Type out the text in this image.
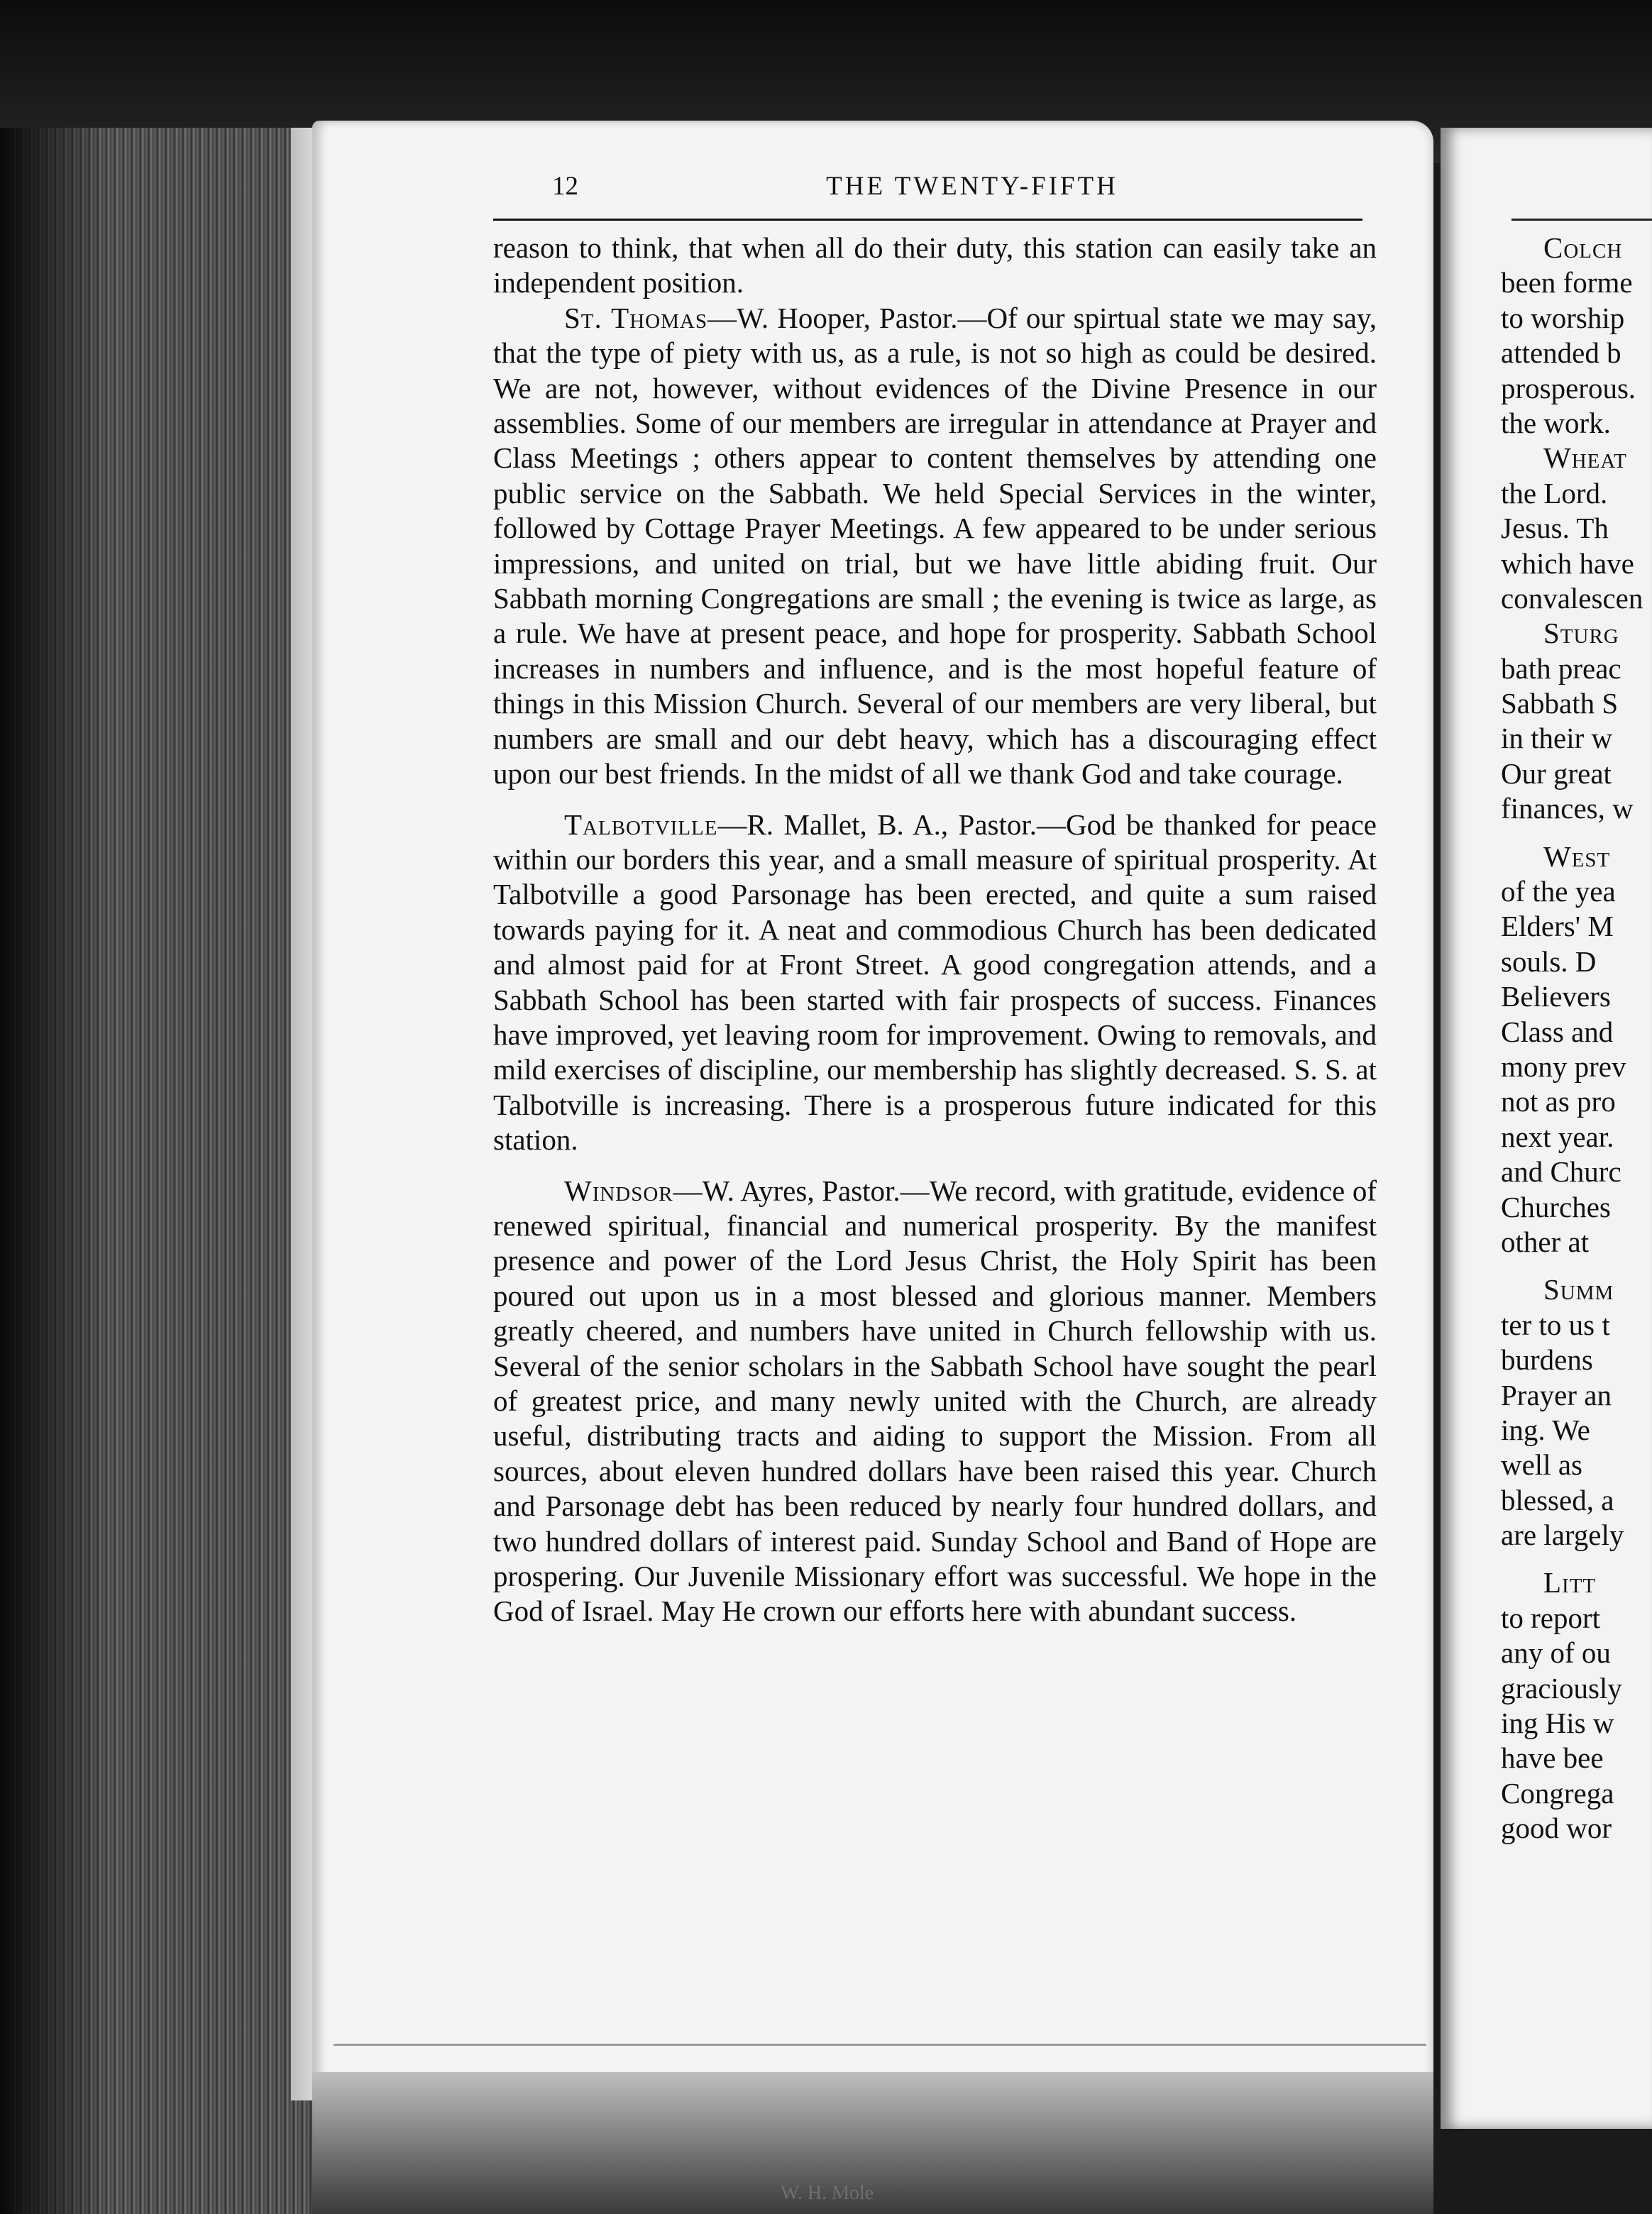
12	THE TWENTY-FIFTH

reason to think, that when all do their duty, this station can easily take an independent position.

St. Thomas—W. Hooper, Pastor.—Of our spirtual state we may say, that the type of piety with us, as a rule, is not so high as could be desired. We are not, however, without evidences of the Divine Presence in our assemblies. Some of our members are irregular in attendance at Prayer and Class Meetings ; others appear to content themselves by attending one public service on the Sabbath. We held Special Services in the winter, followed by Cottage Prayer Meetings. A few appeared to be under serious impressions, and united on trial, but we have little abiding fruit. Our Sabbath morning Congregations are small ; the evening is twice as large, as a rule. We have at present peace, and hope for prosperity. Sabbath School increases in numbers and influence, and is the most hopeful feature of things in this Mission Church. Several of our members are very liberal, but numbers are small and our debt heavy, which has a discouraging effect upon our best friends. In the midst of all we thank God and take courage.

Talbotville—R. Mallet, B. A., Pastor.—God be thanked for peace within our borders this year, and a small measure of spiritual prosperity. At Talbotville a good Parsonage has been erected, and quite a sum raised towards paying for it. A neat and commodious Church has been dedicated and almost paid for at Front Street. A good congregation attends, and a Sabbath School has been started with fair prospects of success. Finances have improved, yet leaving room for improvement. Owing to removals, and mild exercises of discipline, our membership has slightly decreased. S. S. at Talbotville is increasing. There is a prosperous future indicated for this station.

Windsor—W. Ayres, Pastor.—We record, with gratitude, evidence of renewed spiritual, financial and numerical prosperity. By the manifest presence and power of the Lord Jesus Christ, the Holy Spirit has been poured out upon us in a most blessed and glorious manner. Members greatly cheered, and numbers have united in Church fellowship with us. Several of the senior scholars in the Sabbath School have sought the pearl of greatest price, and many newly united with the Church, are already useful, distributing tracts and aiding to support the Mission. From all sources, about eleven hundred dollars have been raised this year. Church and Parsonage debt has been reduced by nearly four hundred dollars, and two hundred dollars of interest paid. Sunday School and Band of Hope are prospering. Our Juvenile Missionary effort was successful. We hope in the God of Israel. May He crown our efforts here with abundant success.

Colch
been forme
to worship
attended b
prosperous.
the work.
Wheat
the Lord.
Jesus. Th
which have
convalescen
Sturg
bath preac
Sabbath S
in their w
Our great
finances, w
West
of the yea
Elders' M
souls. D
Believers
Class and
mony prev
not as pro
next year.
and Churc
Churches
other at
Summ
ter to us t
burdens
Prayer an
ing. We
well as
blessed, a
are largely
Litt
to report
any of ou
graciously
ing His w
have bee
Congrega
good wor
W. H. Mole
